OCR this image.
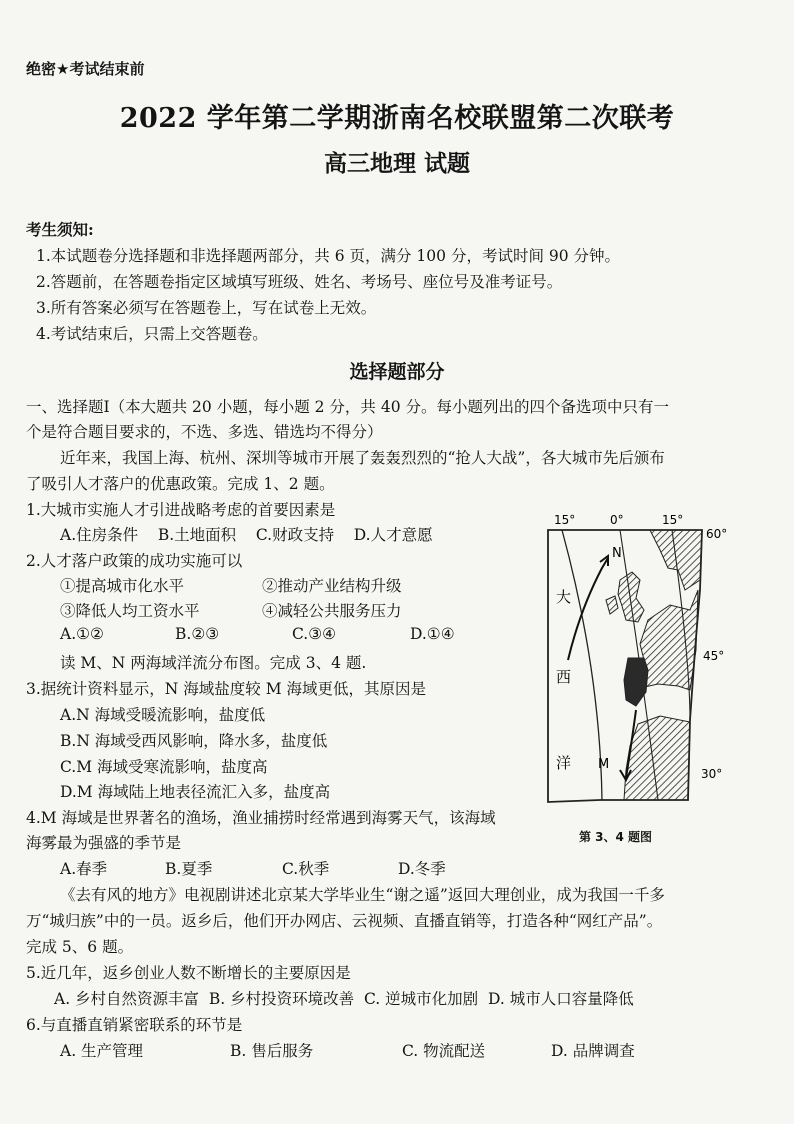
绝密★考试结束前
2022 学年第二学期浙南名校联盟第二次联考
高三地理 试题
考生须知:
1.本试题卷分选择题和非选择题两部分，共 6 页，满分 100 分，考试时间 90 分钟。
2.答题前，在答题卷指定区域填写班级、姓名、考场号、座位号及准考证号。
3.所有答案必须写在答题卷上，写在试卷上无效。
4.考试结束后，只需上交答题卷。
选择题部分
一、选择题Ⅰ（本大题共 20 小题，每小题 2 分，共 40 分。每小题列出的四个备选项中只有一
个是符合题目要求的，不选、多选、错选均不得分）
近年来，我国上海、杭州、深圳等城市开展了轰轰烈烈的“抢人大战”，各大城市先后颁布
了吸引人才落户的优惠政策。完成 1、2 题。
1.大城市实施人才引进战略考虑的首要因素是
A.住房条件    B.土地面积    C.财政支持    D.人才意愿
2.人才落户政策的成功实施可以
①提高城市化水平	②推动产业结构升级
③降低人均工资水平	④减轻公共服务压力
A.①②	B.②③	C.③④	D.①④
读 M、N 两海域洋流分布图。完成 3、4 题.
3.据统计资料显示，N 海域盐度较 M 海域更低，其原因是
A.N 海域受暖流影响，盐度低
B.N 海域受西风影响，降水多，盐度低
C.M 海域受寒流影响，盐度高
D.M 海域陆上地表径流汇入多，盐度高
4.M 海域是世界著名的渔场，渔业捕捞时经常遇到海雾天气，该海域
海雾最为强盛的季节是
A.春季	B.夏季	C.秋季	D.冬季
《去有风的地方》电视剧讲述北京某大学毕业生“谢之遥”返回大理创业，成为我国一千多
万“城归族”中的一员。返乡后，他们开办网店、云视频、直播直销等，打造各种“网红产品”。
完成 5、6 题。
5.近几年，返乡创业人数不断增长的主要原因是
A. 乡村自然资源丰富  B. 乡村投资环境改善  C. 逆城市化加剧  D. 城市人口容量降低
6.与直播直销紧密联系的环节是
A. 生产管理	B. 售后服务	C. 物流配送	D. 品牌调查
15°	0°	15°
60°
45°
30°
大
西
洋
N
M
第 3、4 题图
